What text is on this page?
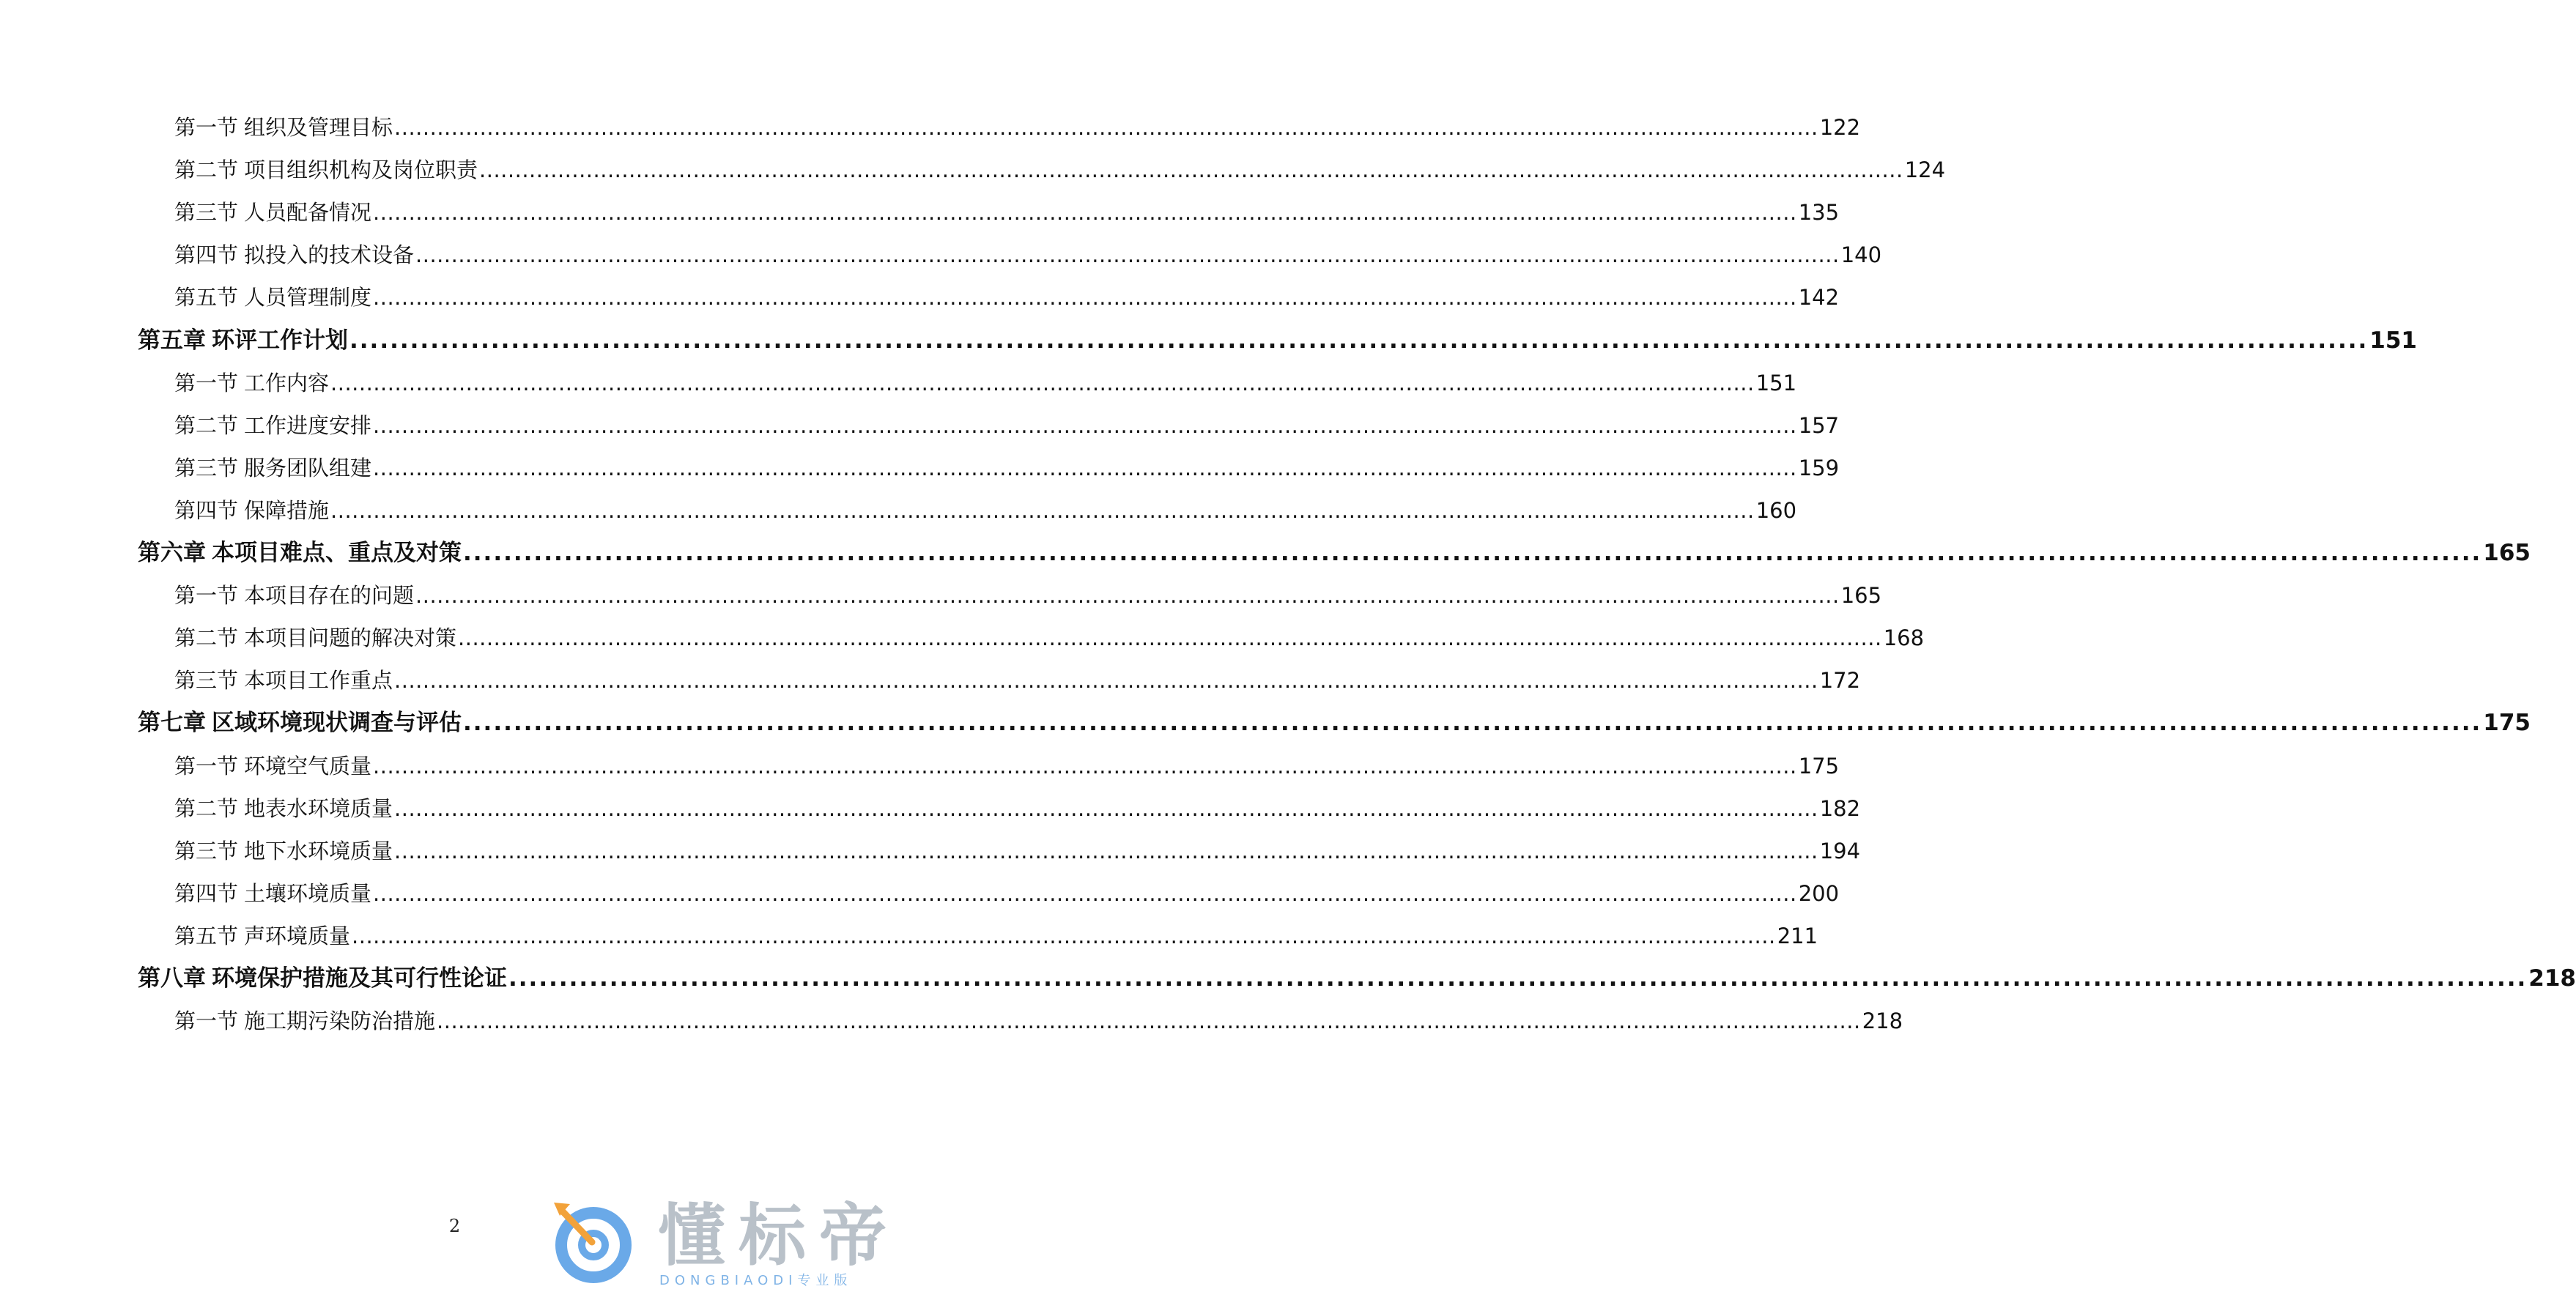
第一节 组织及管理目标 ........................................................................................................................................................................................................ 122
第二节 项目组织机构及岗位职责 ........................................................................................................................................................................................................ 124
第三节 人员配备情况 ........................................................................................................................................................................................................ 135
第四节 拟投入的技术设备 ........................................................................................................................................................................................................ 140
第五节 人员管理制度 ........................................................................................................................................................................................................ 142
第五章 环评工作计划 ........................................................................................................................................................................................................ 151
第一节 工作内容 ........................................................................................................................................................................................................ 151
第二节 工作进度安排 ........................................................................................................................................................................................................ 157
第三节 服务团队组建 ........................................................................................................................................................................................................ 159
第四节 保障措施 ........................................................................................................................................................................................................ 160
第六章 本项目难点、重点及对策 ........................................................................................................................................................................................................ 165
第一节 本项目存在的问题 ........................................................................................................................................................................................................ 165
第二节 本项目问题的解决对策 ........................................................................................................................................................................................................ 168
第三节 本项目工作重点 ........................................................................................................................................................................................................ 172
第七章 区域环境现状调查与评估 ........................................................................................................................................................................................................ 175
第一节 环境空气质量 ........................................................................................................................................................................................................ 175
第二节 地表水环境质量 ........................................................................................................................................................................................................ 182
第三节 地下水环境质量 ........................................................................................................................................................................................................ 194
第四节 土壤环境质量 ........................................................................................................................................................................................................ 200
第五节 声环境质量 ........................................................................................................................................................................................................ 211
第八章 环境保护措施及其可行性论证 ........................................................................................................................................................................................................ 218
第一节 施工期污染防治措施 ........................................................................................................................................................................................................ 218
2	懂标帝
DONGBIAODI专业版
